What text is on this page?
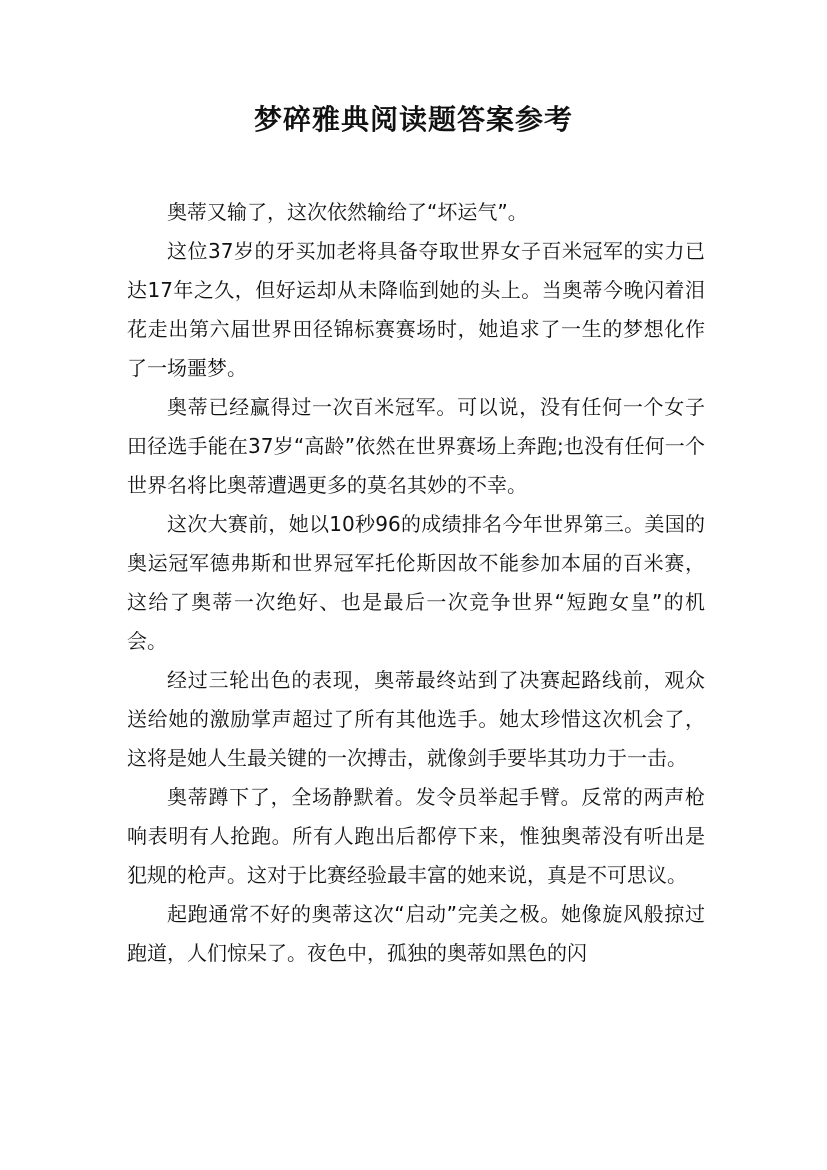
梦碎雅典阅读题答案参考

奥蒂又输了，这次依然输给了“坏运气”。

这位37岁的牙买加老将具备夺取世界女子百米冠军的实力已达17年之久，但好运却从未降临到她的头上。当奥蒂今晚闪着泪花走出第六届世界田径锦标赛赛场时，她追求了一生的梦想化作了一场噩梦。

奥蒂已经赢得过一次百米冠军。可以说，没有任何一个女子田径选手能在37岁“高龄”依然在世界赛场上奔跑;也没有任何一个世界名将比奥蒂遭遇更多的莫名其妙的不幸。

这次大赛前，她以10秒96的成绩排名今年世界第三。美国的奥运冠军德弗斯和世界冠军托伦斯因故不能参加本届的百米赛，这给了奥蒂一次绝好、也是最后一次竞争世界“短跑女皇”的机会。

经过三轮出色的表现，奥蒂最终站到了决赛起路线前，观众送给她的激励掌声超过了所有其他选手。她太珍惜这次机会了，这将是她人生最关键的一次搏击，就像剑手要毕其功力于一击。

奥蒂蹲下了，全场静默着。发令员举起手臂。反常的两声枪响表明有人抢跑。所有人跑出后都停下来，惟独奥蒂没有听出是犯规的枪声。这对于比赛经验最丰富的她来说，真是不可思议。

起跑通常不好的奥蒂这次“启动”完美之极。她像旋风般掠过跑道，人们惊呆了。夜色中，孤独的奥蒂如黑色的闪
